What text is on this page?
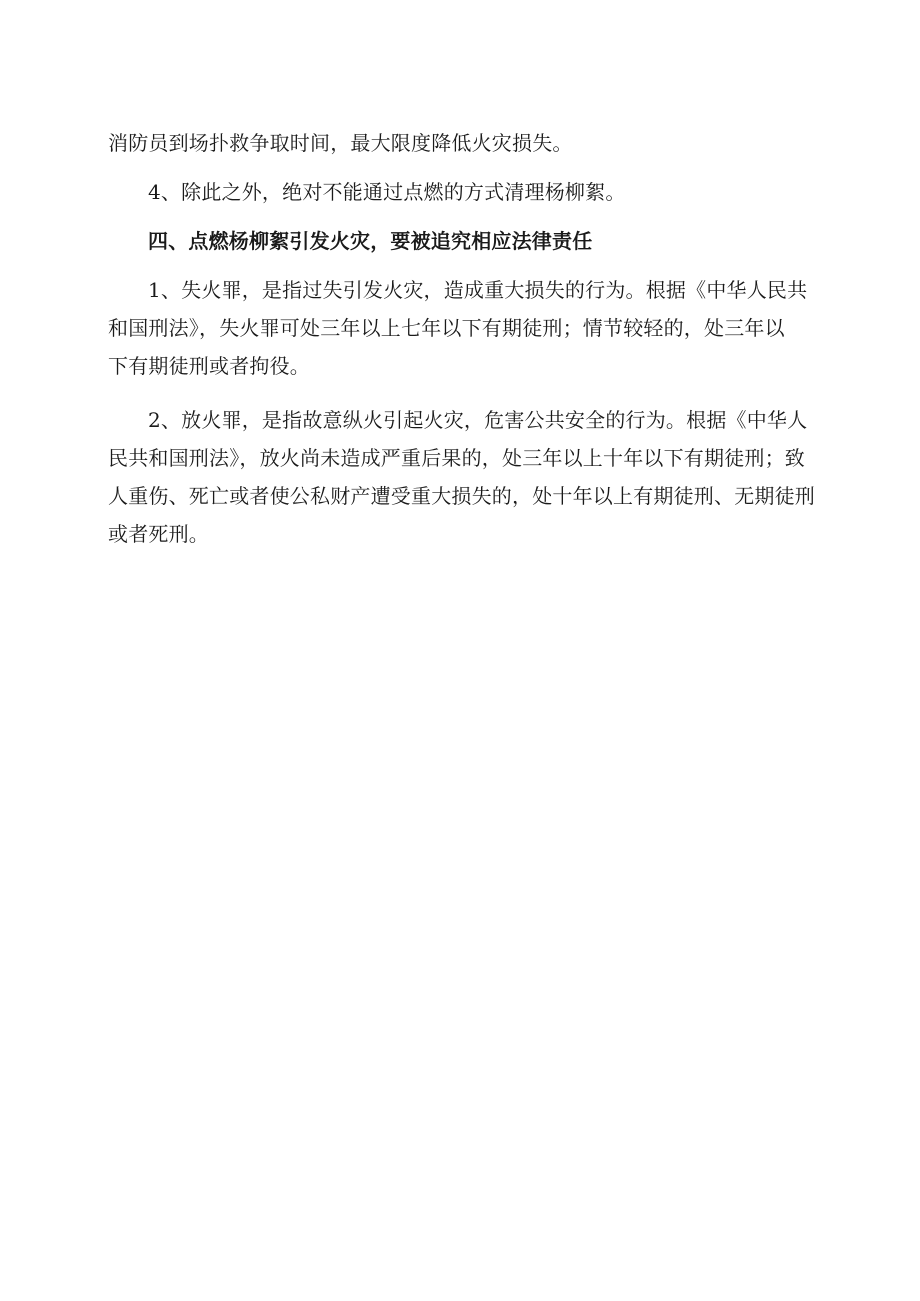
消防员到场扑救争取时间，最大限度降低火灾损失。

4、除此之外，绝对不能通过点燃的方式清理杨柳絮。

四、点燃杨柳絮引发火灾，要被追究相应法律责任

1、失火罪，是指过失引发火灾，造成重大损失的行为。根据《中华人民共
和国刑法》，失火罪可处三年以上七年以下有期徒刑；情节较轻的，处三年以
下有期徒刑或者拘役。

2、放火罪，是指故意纵火引起火灾，危害公共安全的行为。根据《中华人
民共和国刑法》，放火尚未造成严重后果的，处三年以上十年以下有期徒刑；致
人重伤、死亡或者使公私财产遭受重大损失的，处十年以上有期徒刑、无期徒刑
或者死刑。
